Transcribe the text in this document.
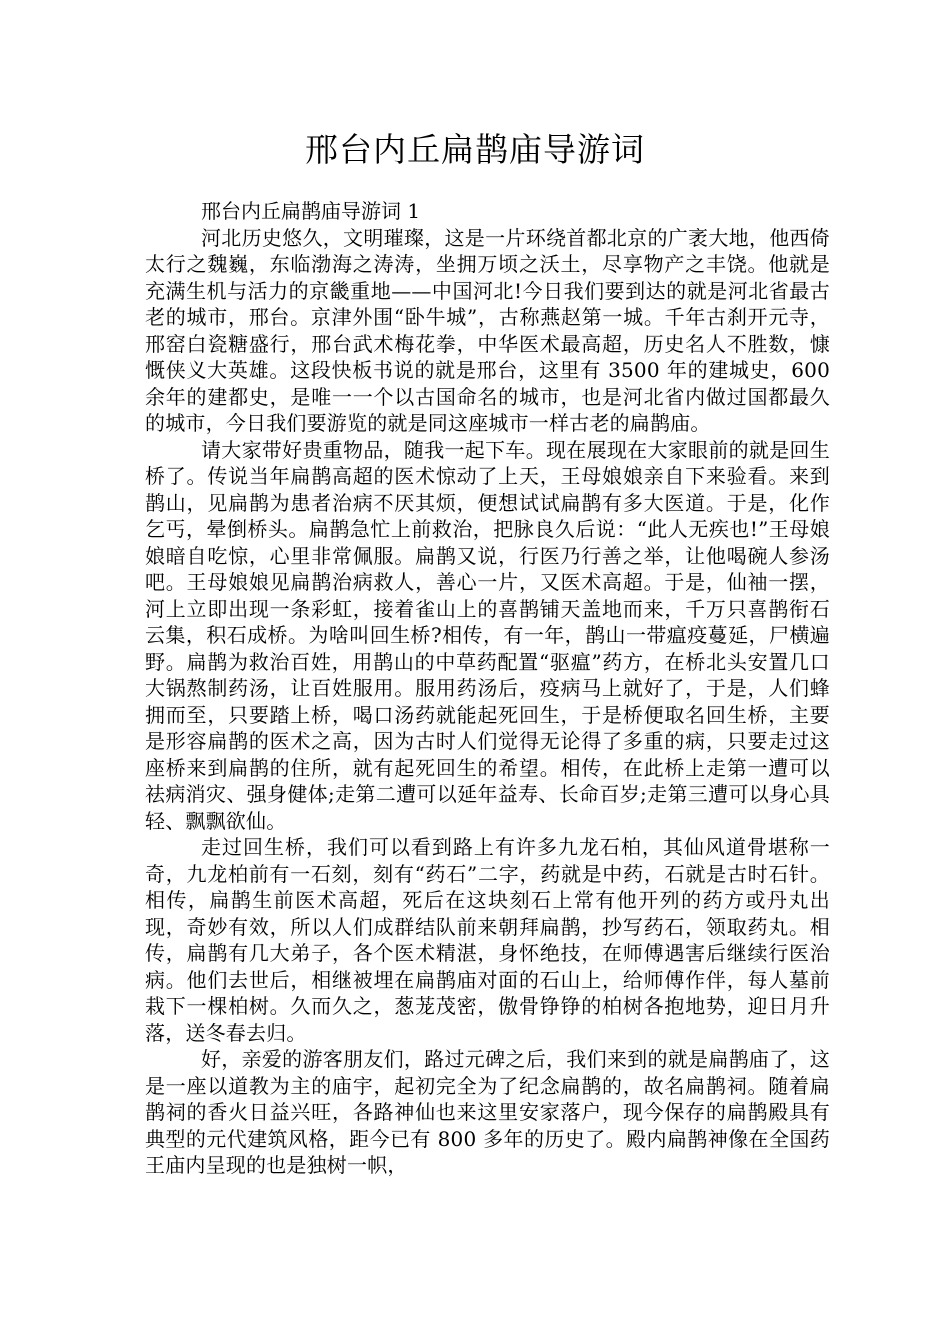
邢台内丘扁鹊庙导游词

邢台内丘扁鹊庙导游词 1

河北历史悠久，文明璀璨，这是一片环绕首都北京的广袤大地，他西倚太行之魏巍，东临渤海之涛涛，坐拥万顷之沃土，尽享物产之丰饶。他就是充满生机与活力的京畿重地——中国河北!今日我们要到达的就是河北省最古老的城市，邢台。京津外围“卧牛城”，古称燕赵第一城。千年古刹开元寺，邢窑白瓷糖盛行，邢台武术梅花拳，中华医术最高超，历史名人不胜数，慷慨侠义大英雄。这段快板书说的就是邢台，这里有 3500 年的建城史，600 余年的建都史，是唯一一个以古国命名的城市，也是河北省内做过国都最久的城市，今日我们要游览的就是同这座城市一样古老的扁鹊庙。

请大家带好贵重物品，随我一起下车。现在展现在大家眼前的就是回生桥了。传说当年扁鹊高超的医术惊动了上天，王母娘娘亲自下来验看。来到鹊山，见扁鹊为患者治病不厌其烦，便想试试扁鹊有多大医道。于是，化作乞丐，晕倒桥头。扁鹊急忙上前救治，把脉良久后说：“此人无疾也!”王母娘娘暗自吃惊，心里非常佩服。扁鹊又说，行医乃行善之举，让他喝碗人参汤吧。王母娘娘见扁鹊治病救人，善心一片，又医术高超。于是，仙袖一摆，河上立即出现一条彩虹，接着雀山上的喜鹊铺天盖地而来，千万只喜鹊衔石云集，积石成桥。为啥叫回生桥?相传，有一年，鹊山一带瘟疫蔓延，尸横遍野。扁鹊为救治百姓，用鹊山的中草药配置“驱瘟”药方，在桥北头安置几口大锅熬制药汤，让百姓服用。服用药汤后，疫病马上就好了，于是，人们蜂拥而至，只要踏上桥，喝口汤药就能起死回生，于是桥便取名回生桥，主要是形容扁鹊的医术之高，因为古时人们觉得无论得了多重的病，只要走过这座桥来到扁鹊的住所，就有起死回生的希望。相传，在此桥上走第一遭可以祛病消灾、强身健体;走第二遭可以延年益寿、长命百岁;走第三遭可以身心具轻、飘飘欲仙。

走过回生桥，我们可以看到路上有许多九龙石柏，其仙风道骨堪称一奇，九龙柏前有一石刻，刻有“药石”二字，药就是中药，石就是古时石针。相传，扁鹊生前医术高超，死后在这块刻石上常有他开列的药方或丹丸出现，奇妙有效，所以人们成群结队前来朝拜扁鹊，抄写药石，领取药丸。相传，扁鹊有几大弟子，各个医术精湛，身怀绝技，在师傅遇害后继续行医治病。他们去世后，相继被埋在扁鹊庙对面的石山上，给师傅作伴，每人墓前栽下一棵柏树。久而久之，葱茏茂密，傲骨铮铮的柏树各抱地势，迎日月升落，送冬春去归。

好，亲爱的游客朋友们，路过元碑之后，我们来到的就是扁鹊庙了，这是一座以道教为主的庙宇，起初完全为了纪念扁鹊的，故名扁鹊祠。随着扁鹊祠的香火日益兴旺，各路神仙也来这里安家落户，现今保存的扁鹊殿具有典型的元代建筑风格，距今已有 800 多年的历史了。殿内扁鹊神像在全国药王庙内呈现的也是独树一帜，
